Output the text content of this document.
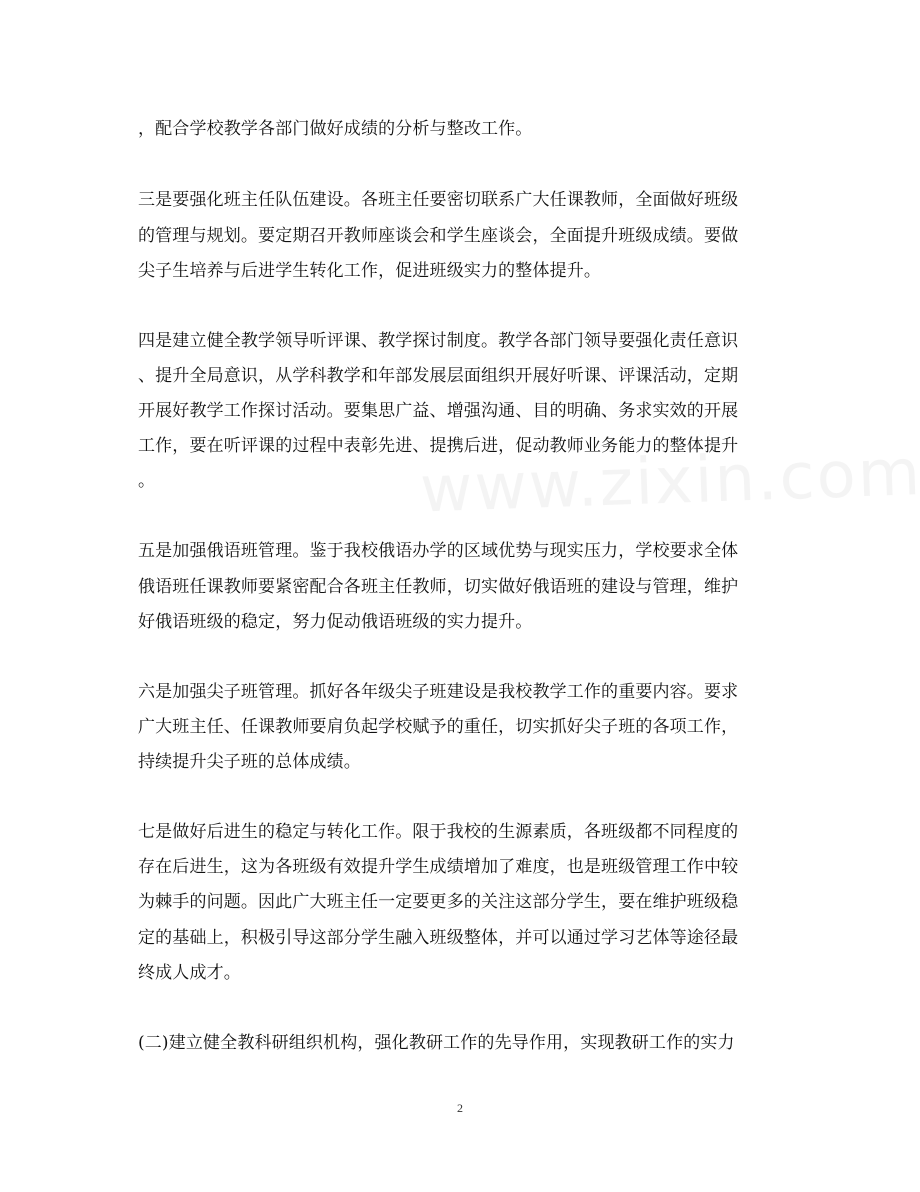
，配合学校教学各部门做好成绩的分析与整改工作。
三是要强化班主任队伍建设。各班主任要密切联系广大任课教师，全面做好班级
的管理与规划。要定期召开教师座谈会和学生座谈会，全面提升班级成绩。要做
尖子生培养与后进学生转化工作，促进班级实力的整体提升。
四是建立健全教学领导听评课、教学探讨制度。教学各部门领导要强化责任意识
、提升全局意识，从学科教学和年部发展层面组织开展好听课、评课活动，定期
开展好教学工作探讨活动。要集思广益、增强沟通、目的明确、务求实效的开展
工作，要在听评课的过程中表彰先进、提携后进，促动教师业务能力的整体提升
。
五是加强俄语班管理。鉴于我校俄语办学的区域优势与现实压力，学校要求全体
俄语班任课教师要紧密配合各班主任教师，切实做好俄语班的建设与管理，维护
好俄语班级的稳定，努力促动俄语班级的实力提升。
六是加强尖子班管理。抓好各年级尖子班建设是我校教学工作的重要内容。要求
广大班主任、任课教师要肩负起学校赋予的重任，切实抓好尖子班的各项工作，
持续提升尖子班的总体成绩。
七是做好后进生的稳定与转化工作。限于我校的生源素质，各班级都不同程度的
存在后进生，这为各班级有效提升学生成绩增加了难度，也是班级管理工作中较
为棘手的问题。因此广大班主任一定要更多的关注这部分学生，要在维护班级稳
定的基础上，积极引导这部分学生融入班级整体，并可以通过学习艺体等途径最
终成人成才。
(二)建立健全教科研组织机构，强化教研工作的先导作用，实现教研工作的实力
2
